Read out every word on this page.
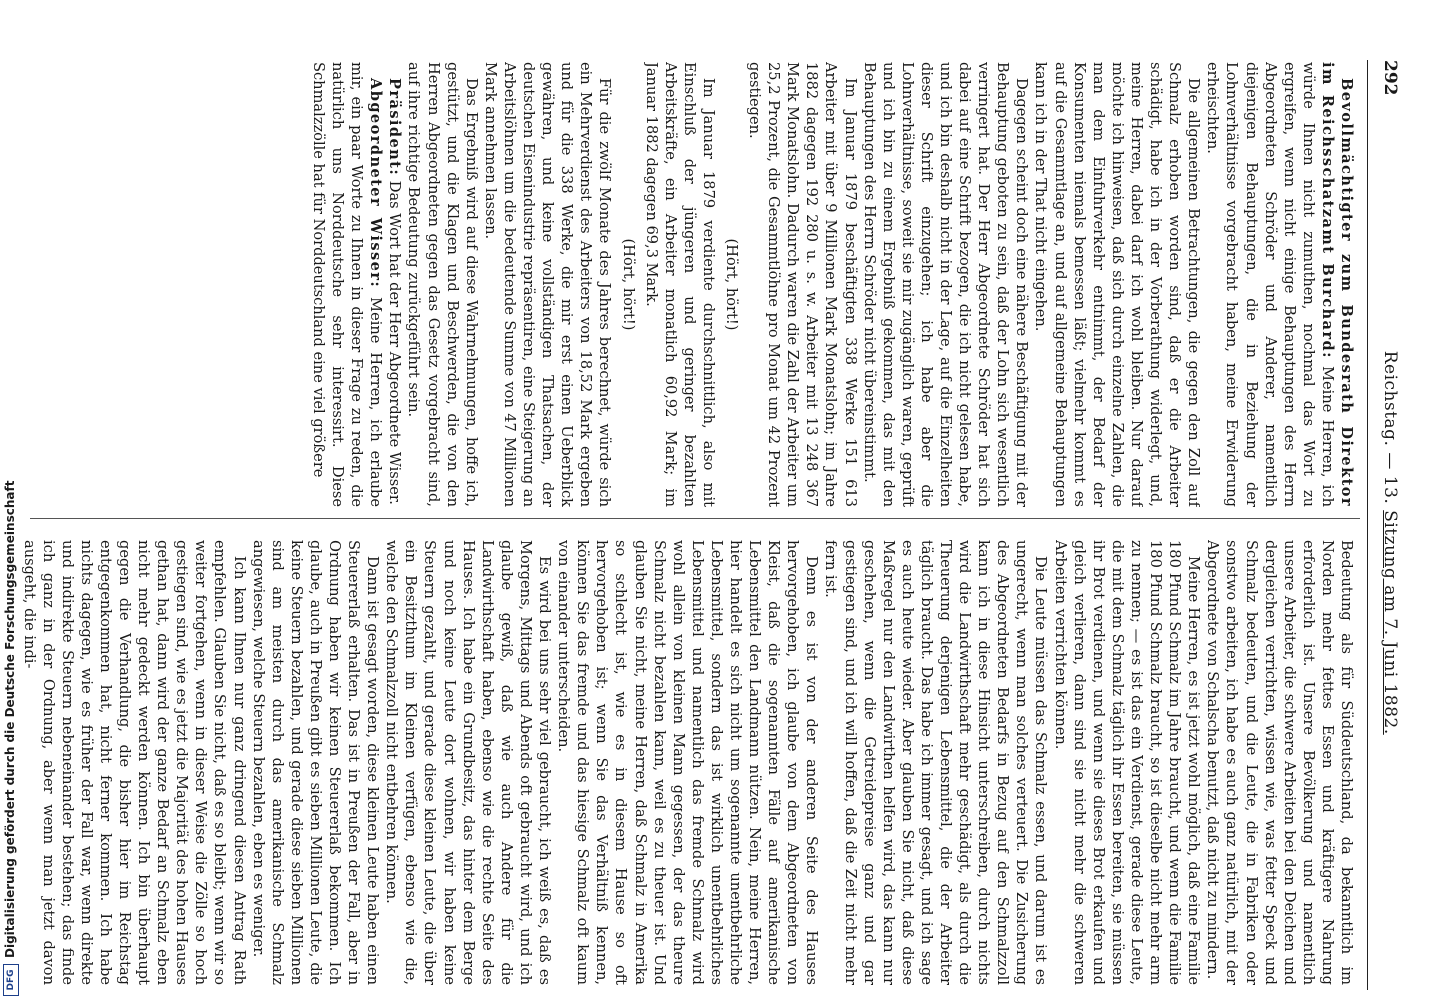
292
Reichstag. — 13. Sitzung am 7. Juni 1882.

Bevollmächtigter zum Bundesrath Direktor im Reichsschatzamt Burchard: Meine Herren, ich würde Ihnen nicht zumuthen, nochmal das Wort zu ergreifen, wenn nicht einige Behauptungen des Herrn Abgeordneten Schröder und Anderer, namentlich diejenigen Behauptungen, die in Beziehung der Lohnverhältnisse vorgebracht haben, meine Erwiderung erheischten.

Die allgemeinen Betrachtungen, die gegen den Zoll auf Schmalz erhoben worden sind, daß er die Arbeiter schädigt, habe ich in der Vorberathung widerlegt, und, meine Herren, dabei darf ich wohl bleiben. Nur darauf möchte ich hinweisen, daß sich durch einzelne Zahlen, die man dem Einfuhrverkehr entnimmt, der Bedarf der Konsumenten niemals bemessen läßt; vielmehr kommt es auf die Gesammtlage an, und auf allgemeine Behauptungen kann ich in der That nicht eingehen.

Dagegen scheint doch eine nähere Beschäftigung mit der Behauptung geboten zu sein, daß der Lohn sich wesentlich verringert hat. Der Herr Abgeordnete Schröder hat sich dabei auf eine Schrift bezogen, die ich nicht gelesen habe, und ich bin deshalb nicht in der Lage, auf die Einzelheiten dieser Schrift einzugehen; ich habe aber die Lohnverhältnisse, soweit sie mir zugänglich waren, geprüft und ich bin zu einem Ergebniß gekommen, das mit den Behauptungen des Herrn Schröder nicht übereinstimmt.

Im Januar 1879 beschäftigten 338 Werke 151 613 Arbeiter mit über 9 Millionen Mark Monatslohn; im Jahre 1882 dagegen 192 280 u. s. w. Arbeiter mit 13 248 367 Mark Monatslohn. Dadurch waren die Zahl der Arbeiter um 25,2 Prozent, die Gesammtlöhne pro Monat um 42 Prozent gestiegen.

(Hört, hört!)

Im Januar 1879 verdiente durchschnittlich, also mit Einschluß der jüngeren und geringer bezahlten Arbeitskräfte, ein Arbeiter monatlich 60,92 Mark; im Januar 1882 dagegen 69,3 Mark.

(Hört, hört!)

Für die zwölf Monate des Jahres berechnet, würde sich ein Mehrverdienst des Arbeiters von 18,52 Mark ergeben und für die 338 Werke, die mir erst einen Ueberblick gewähren, und keine vollständigen Thatsachen, der deutschen Eisenindustrie repräsentiren, eine Steigerung an Arbeitslöhnen um die bedeutende Summe von 47 Millionen Mark annehmen lassen.

Das Ergebniß wird auf diese Wahrnehmungen, hoffe ich, gestützt, und die Klagen und Beschwerden, die von den Herren Abgeordneten gegen das Gesetz vorgebracht sind, auf ihre richtige Bedeutung zurückgeführt sein.

Präsident: Das Wort hat der Herr Abgeordnete Wisser.

Abgeordneter Wisser: Meine Herren, ich erlaube mir, ein paar Worte zu Ihnen in dieser Frage zu reden, die natürlich uns Norddeutsche sehr interessirt. Diese Schmalzzölle hat für Norddeutschland eine viel größere

Bedeutung als für Süddeutschland, da bekanntlich im Norden mehr fettes Essen und kräftigere Nahrung erforderlich ist. Unsere Bevölkerung und namentlich unsere Arbeiter, die schwere Arbeiten bei den Deichen und dergleichen verrichten, wissen wie, was fetter Speck und Schmalz bedeuten, und die Leute, die in Fabriken oder sonstwo arbeiten, ich habe es auch ganz natürlich, mit der Abgeordnete von Schalscha benutzt, daß nicht zu mindern.

Meine Herren, es ist jetzt wohl möglich, daß eine Familie 180 Pfund Schmalz im Jahre braucht, und wenn die Familie 180 Pfund Schmalz braucht, so ist dieselbe nicht mehr arm zu nennen; — es ist das ein Verdienst, gerade diese Leute, die mit dem Schmalz täglich ihr Essen bereiten, sie müssen ihr Brot verdienen, und wenn sie dieses Brot erkaufen und gleich verlieren, dann sind sie nicht mehr die schweren Arbeiten verrichten können.

Die Leute müssen das Schmalz essen, und darum ist es ungerecht, wenn man solches verteuert. Die Zusicherung des Abgeordneten Bedarfs in Bezug auf den Schmalzzoll kann ich in diese Hinsicht unterschreiben, durch nichts wird die Landwirthschaft mehr geschädigt, als durch die Theuerung derjenigen Lebensmittel, die der Arbeiter täglich braucht. Das habe ich immer gesagt, und ich sage es auch heute wieder. Aber glauben Sie nicht, daß diese Maßregel nur den Landwirthen helfen wird, das kann nur geschehen, wenn die Getreidepreise ganz und gar gestiegen sind, und ich will hoffen, daß die Zeit nicht mehr fern ist.

Denn es ist von der anderen Seite des Hauses hervorgehoben, ich glaube von dem Abgeordneten von Kleist, daß die sogenannten Fälle auf amerikanische Lebensmittel den Landmann nützen. Nein, meine Herren, hier handelt es sich nicht um sogenannte unentbehrliche Lebensmittel, sondern das ist wirklich unentbehrliches Lebensmittel und namentlich das fremde Schmalz wird wohl allein von kleinen Mann gegessen, der das theure Schmalz nicht bezahlen kann, weil es zu theuer ist. Und glauben Sie nicht, meine Herren, daß Schmalz in Amerika so schlecht ist, wie es in diesem Hause so oft hervorgehoben ist; wenn Sie das Verhältniß kennen, können Sie das fremde und das hiesige Schmalz oft kaum von einander unterscheiden.

Es wird bei uns sehr viel gebraucht, ich weiß es, daß es Morgens, Mittags und Abends oft gebraucht wird, und ich glaube gewiß, daß wie auch Andere für die Landwirthschaft haben, ebenso wie die rechte Seite des Hauses. Ich habe ein Grundbesitz, das hinter dem Berge und noch keine Leute dort wohnen, wir haben keine Steuern gezahlt, und gerade diese kleinen Leute, die über ein Besitzthum im Kleinen verfügen, ebenso wie die, welche den Schmalzzoll nicht entbehren können.

Dann ist gesagt worden, diese kleinen Leute haben einen Steuererlaß erhalten. Das ist in Preußen der Fall, aber in Ordnung haben wir keinen Steuererlaß bekommen. Ich glaube, auch in Preußen gibt es sieben Millionen Leute, die keine Steuern bezahlen, und gerade diese sieben Millionen sind am meisten durch das amerikanische Schmalz angewiesen, welche Steuern bezahlen, eben es weniger.

Ich kann Ihnen nur ganz dringend diesen Antrag Rath empfehlen. Glauben Sie nicht, daß es so bleibt; wenn wir so weiter fortgehen, wenn in dieser Weise die Zölle so hoch gestiegen sind, wie es jetzt die Majorität des hohen Hauses gethan hat, dann wird der ganze Bedarf an Schmalz eben nicht mehr gedeckt werden können. Ich bin überhaupt gegen die Verhandlung, die bisher hier im Reichstag entgegenkommen hat, nicht ferner kommen. Ich habe nichts dagegen, wie es früher der Fall war, wenn direkte und indirekte Steuern nebeneinander bestehen; das finde ich ganz in der Ordnung, aber wenn man jetzt davon ausgeht, die indi-

DFGDigitalisierung gefördert durch die Deutsche Forschungsgemeinschaft
